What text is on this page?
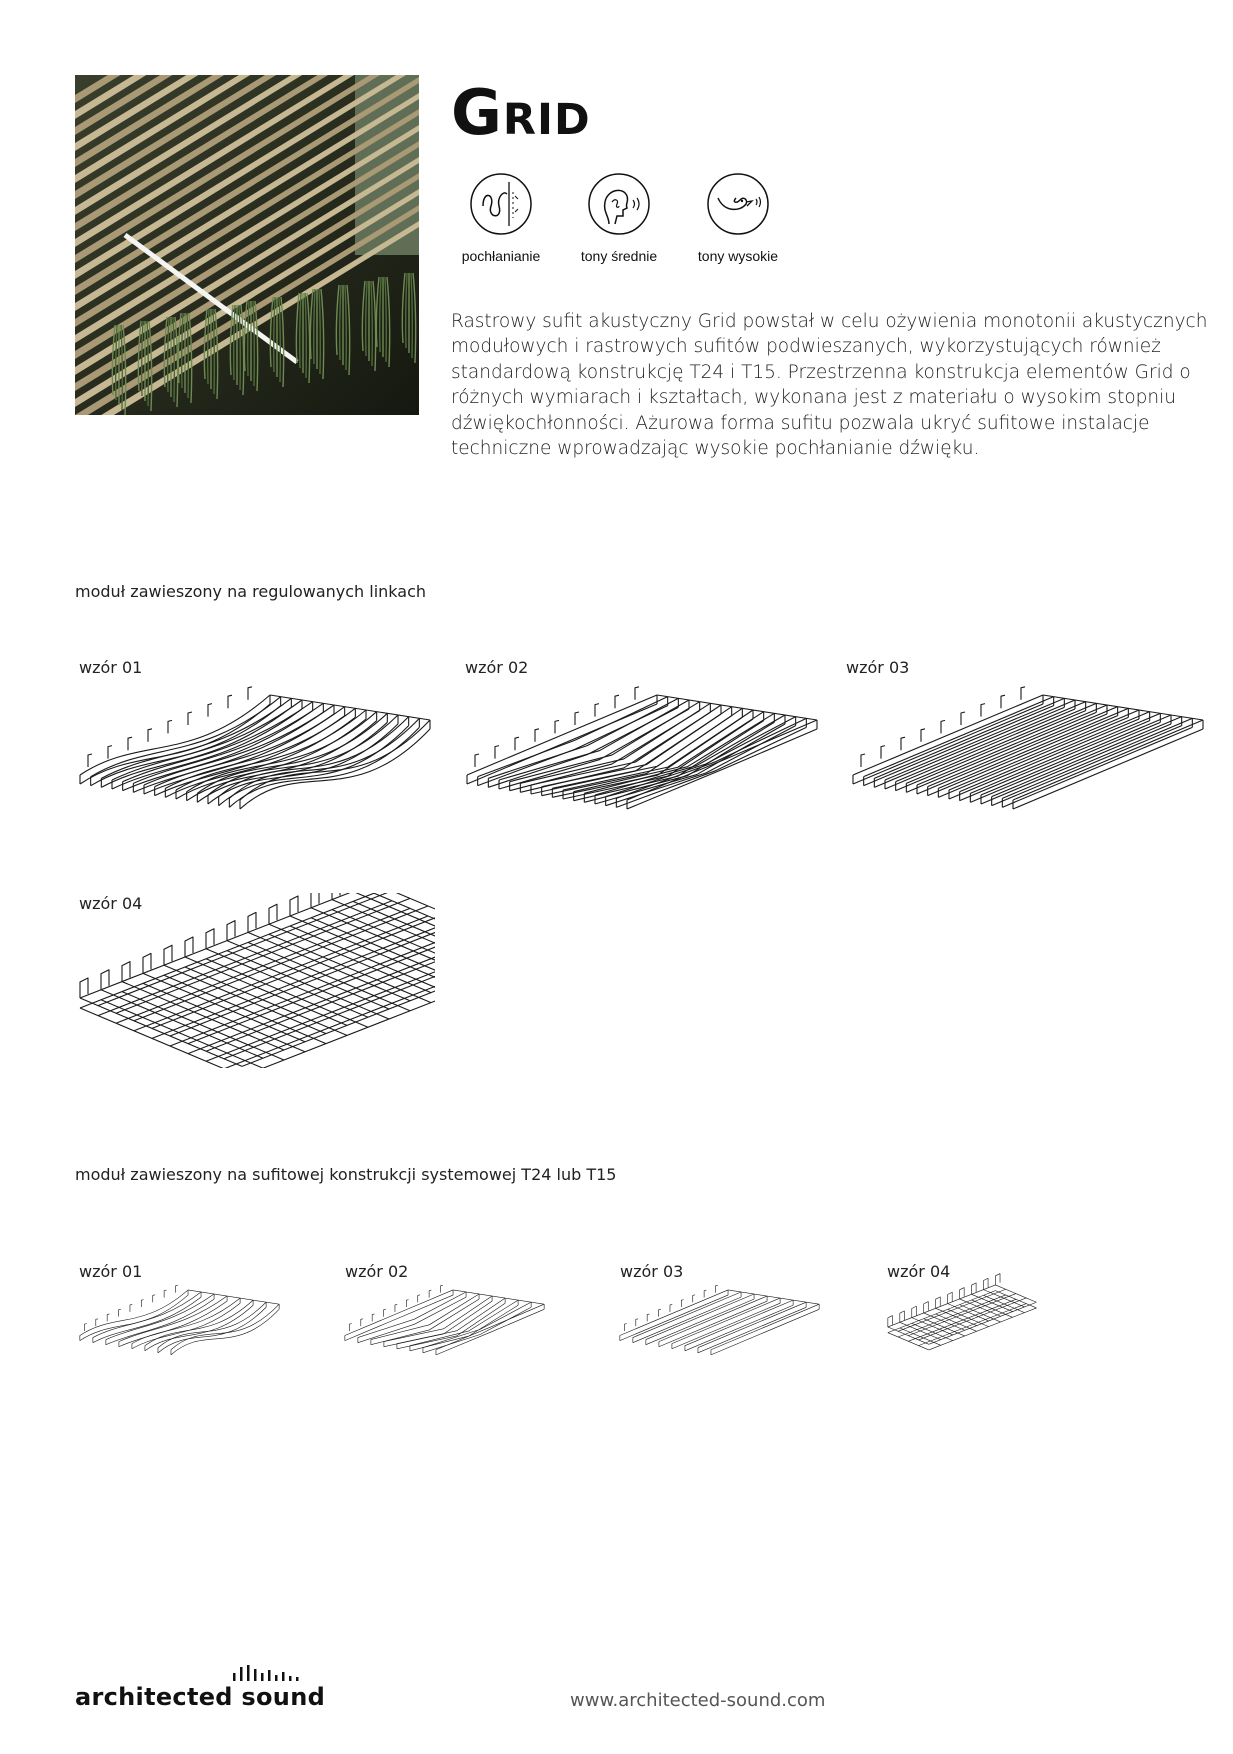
Grid
pochłanianie	tony średnie	tony wysokie
Rastrowy sufit akustyczny Grid powstał w celu ożywienia monotonii akustycznych modułowych i rastrowych sufitów podwieszanych, wykorzystujących również standardową konstrukcję T24 i T15. Przestrzenna konstrukcja elementów Grid o różnych wymiarach i kształtach, wykonana jest z materiału o wysokim stopniu dźwiękochłonności. Ażurowa forma sufitu pozwala ukryć sufitowe instalacje techniczne wprowadzając wysokie pochłanianie dźwięku.
moduł zawieszony na regulowanych linkach
wzór 01	wzór 02	wzór 03
wzór 04
moduł zawieszony na sufitowej konstrukcji systemowej T24 lub T15
wzór 01	wzór 02	wzór 03	wzór 04
architected sound	www.architected-sound.com
